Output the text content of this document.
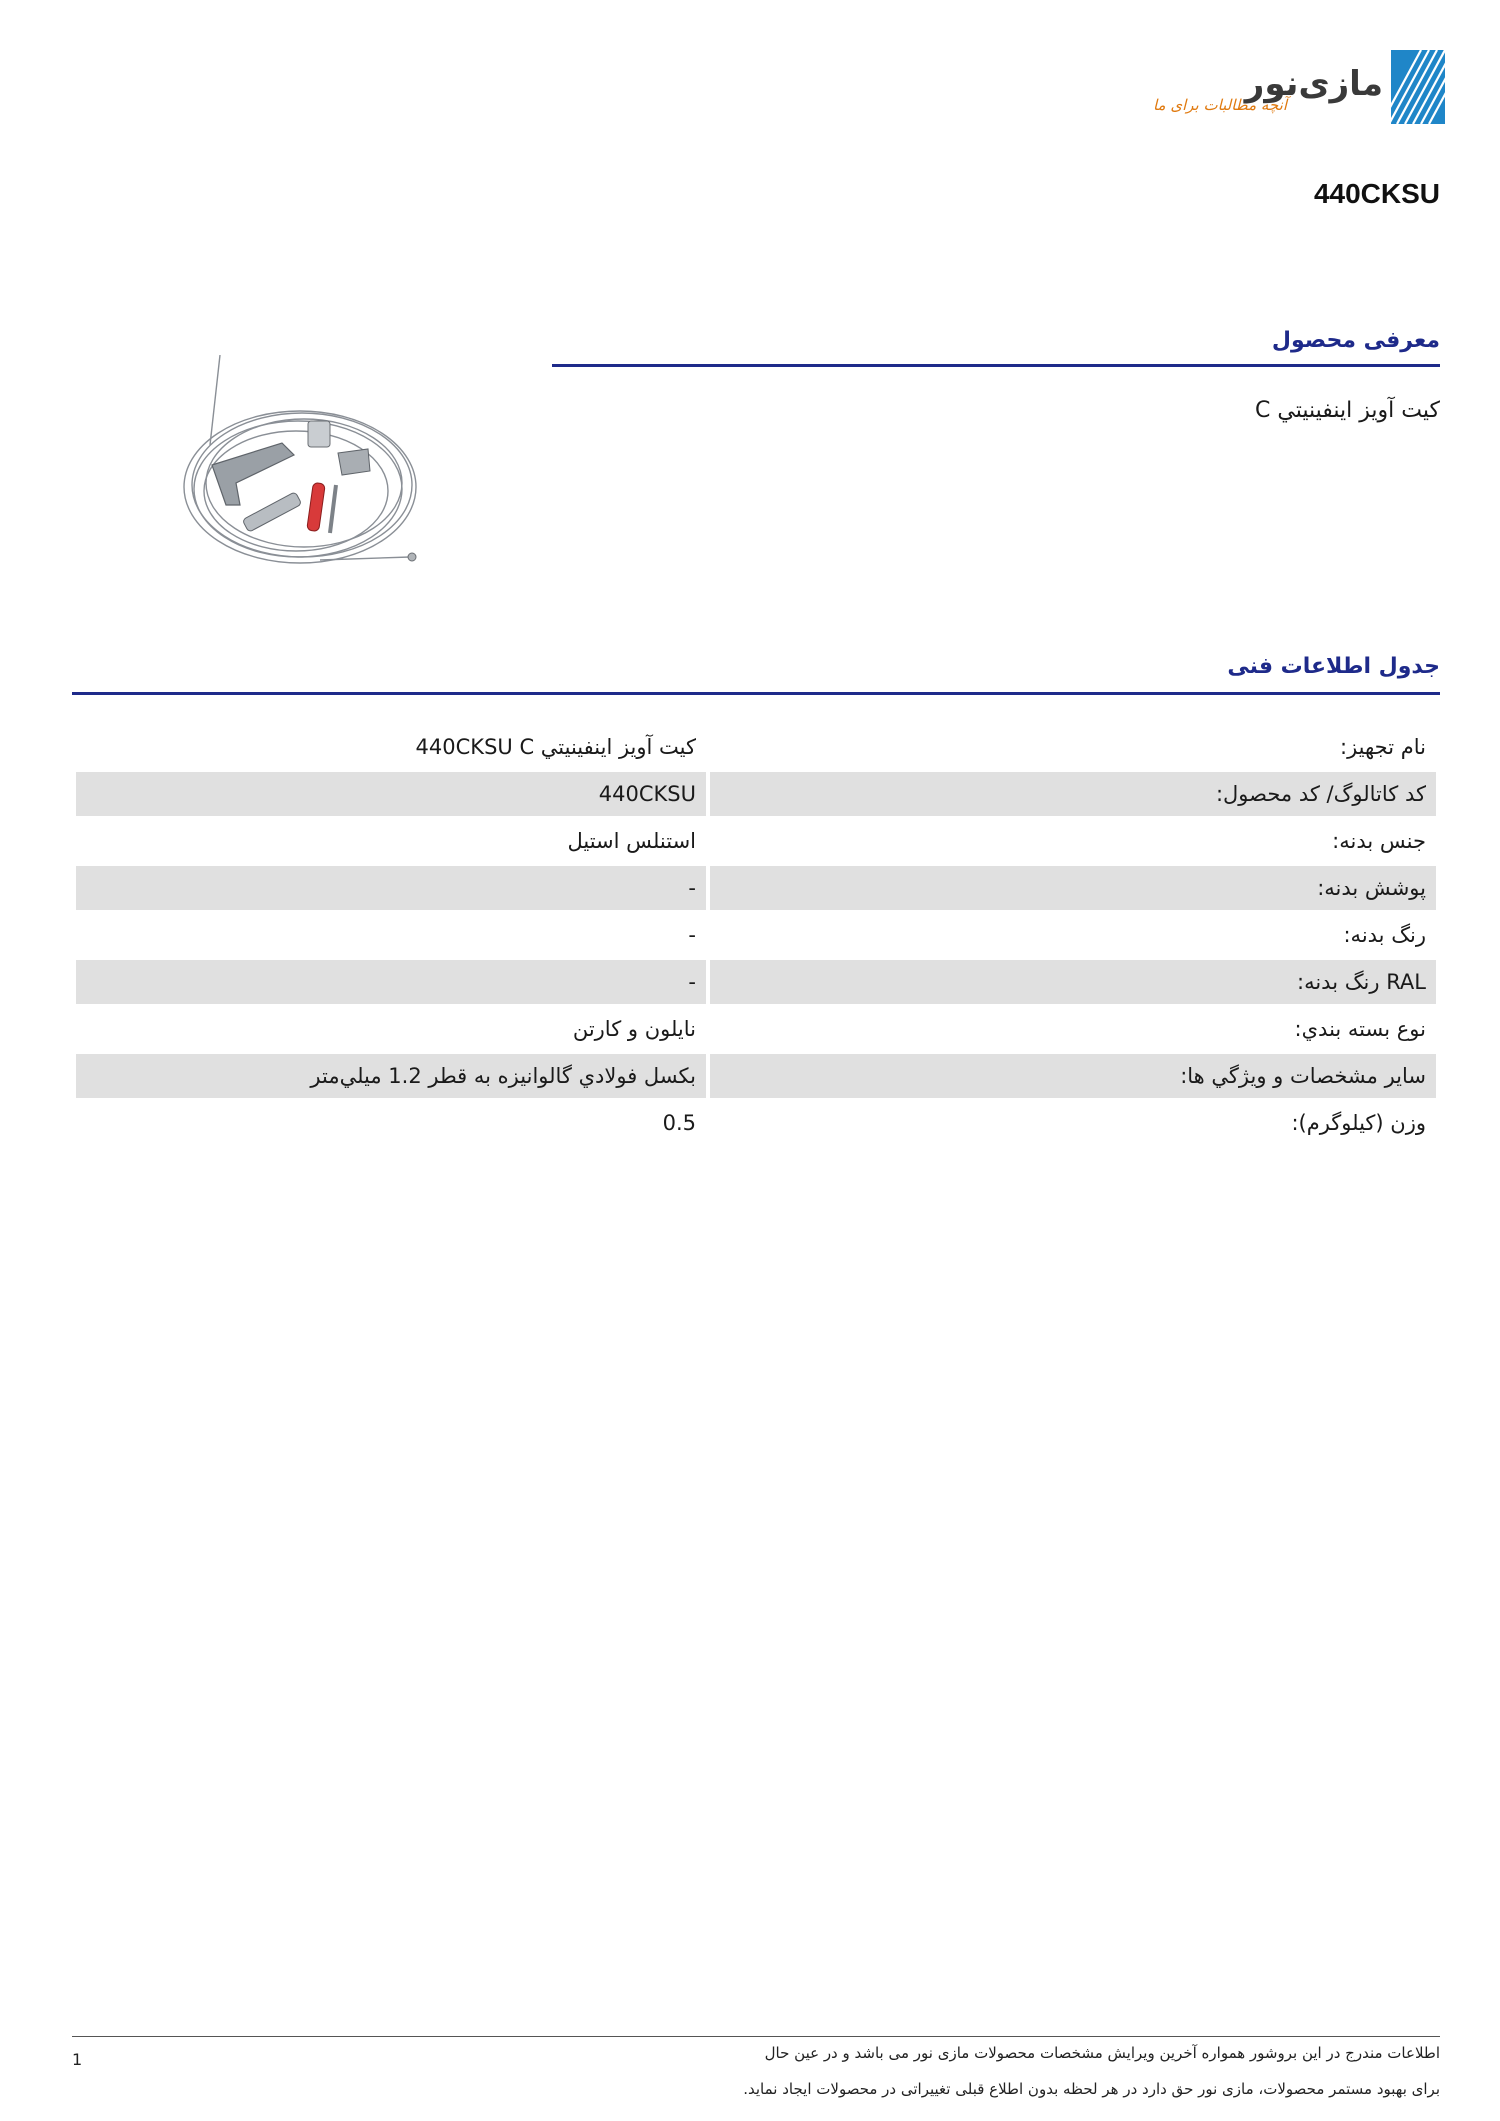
مازی‌نور
آنچه مطالبات برای ما
440CKSU
معرفی محصول
کیت آویز اینفینیتي C
جدول اطلاعات فنی
نام تجهیز:	کیت آویز اینفینیتي 440CKSU C
کد کاتالوگ/ کد محصول:	440CKSU
جنس بدنه:	استنلس استیل
پوشش بدنه:	-
رنگ بدنه:	-
RAL رنگ بدنه:	-
نوع بسته بندي:	نایلون و کارتن
سایر مشخصات و ویژگي ها:	بکسل فولادي گالوانیزه به قطر 1.2 میلي‌متر
وزن (کیلوگرم):	0.5
1	اطلاعات مندرج در این بروشور همواره آخرین ویرایش مشخصات محصولات مازی نور می باشد و در عین حال
برای بهبود مستمر محصولات، مازی نور حق دارد در هر لحظه بدون اطلاع قبلی تغییراتی در محصولات ایجاد نماید.
